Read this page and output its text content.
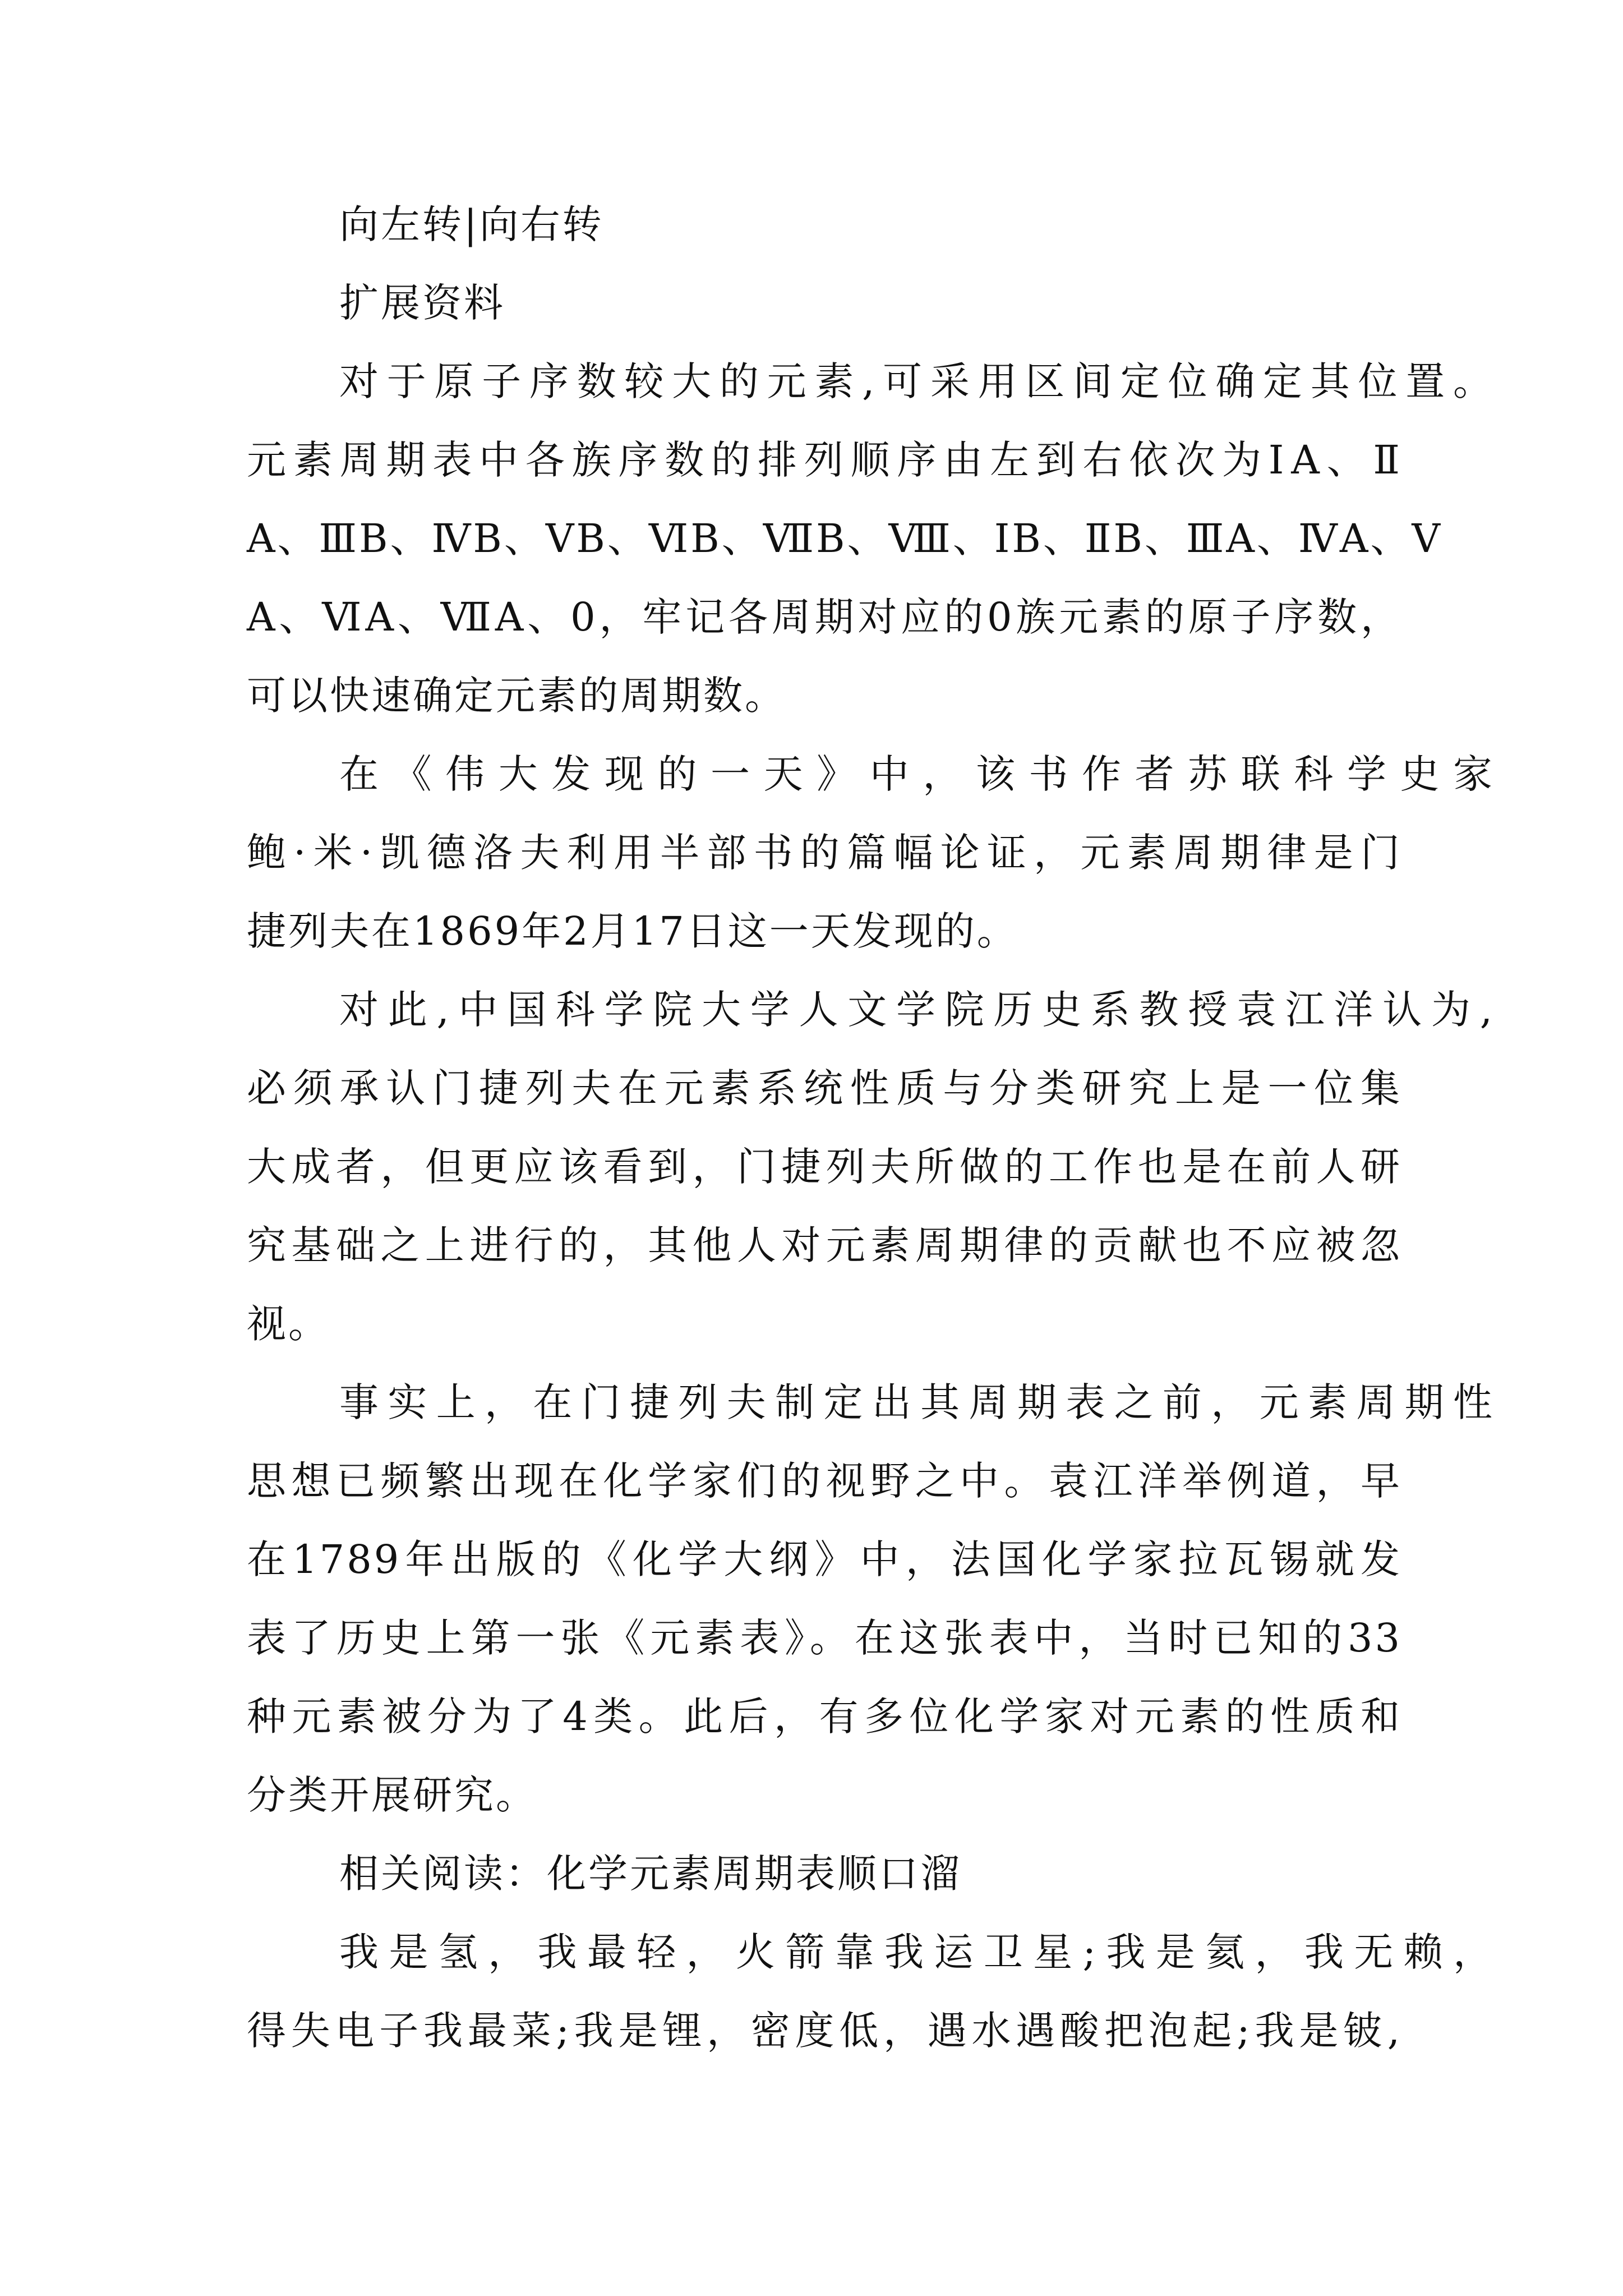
向左转|向右转

扩展资料

对于原子序数较大的元素,可采用区间定位确定其位置。

元素周期表中各族序数的排列顺序由左到右依次为ⅠA、Ⅱ

A、ⅢB、ⅣB、ⅤB、ⅥB、ⅦB、Ⅷ、ⅠB、ⅡB、ⅢA、ⅣA、Ⅴ

A、ⅥA、ⅦA、0，牢记各周期对应的0族元素的原子序数，

可以快速确定元素的周期数。

在《伟大发现的一天》中，该书作者苏联科学史家

鲍·米·凯德洛夫利用半部书的篇幅论证，元素周期律是门

捷列夫在1869年2月17日这一天发现的。

对此,中国科学院大学人文学院历史系教授袁江洋认为,

必须承认门捷列夫在元素系统性质与分类研究上是一位集

大成者，但更应该看到，门捷列夫所做的工作也是在前人研

究基础之上进行的，其他人对元素周期律的贡献也不应被忽

视。

事实上，在门捷列夫制定出其周期表之前，元素周期性

思想已频繁出现在化学家们的视野之中。袁江洋举例道，早

在1789年出版的《化学大纲》中，法国化学家拉瓦锡就发

表了历史上第一张《元素表》。在这张表中，当时已知的33

种元素被分为了4类。此后，有多位化学家对元素的性质和

分类开展研究。

相关阅读：化学元素周期表顺口溜

我是氢，我最轻，火箭靠我运卫星;我是氦，我无赖，

得失电子我最菜;我是锂，密度低，遇水遇酸把泡起;我是铍,
